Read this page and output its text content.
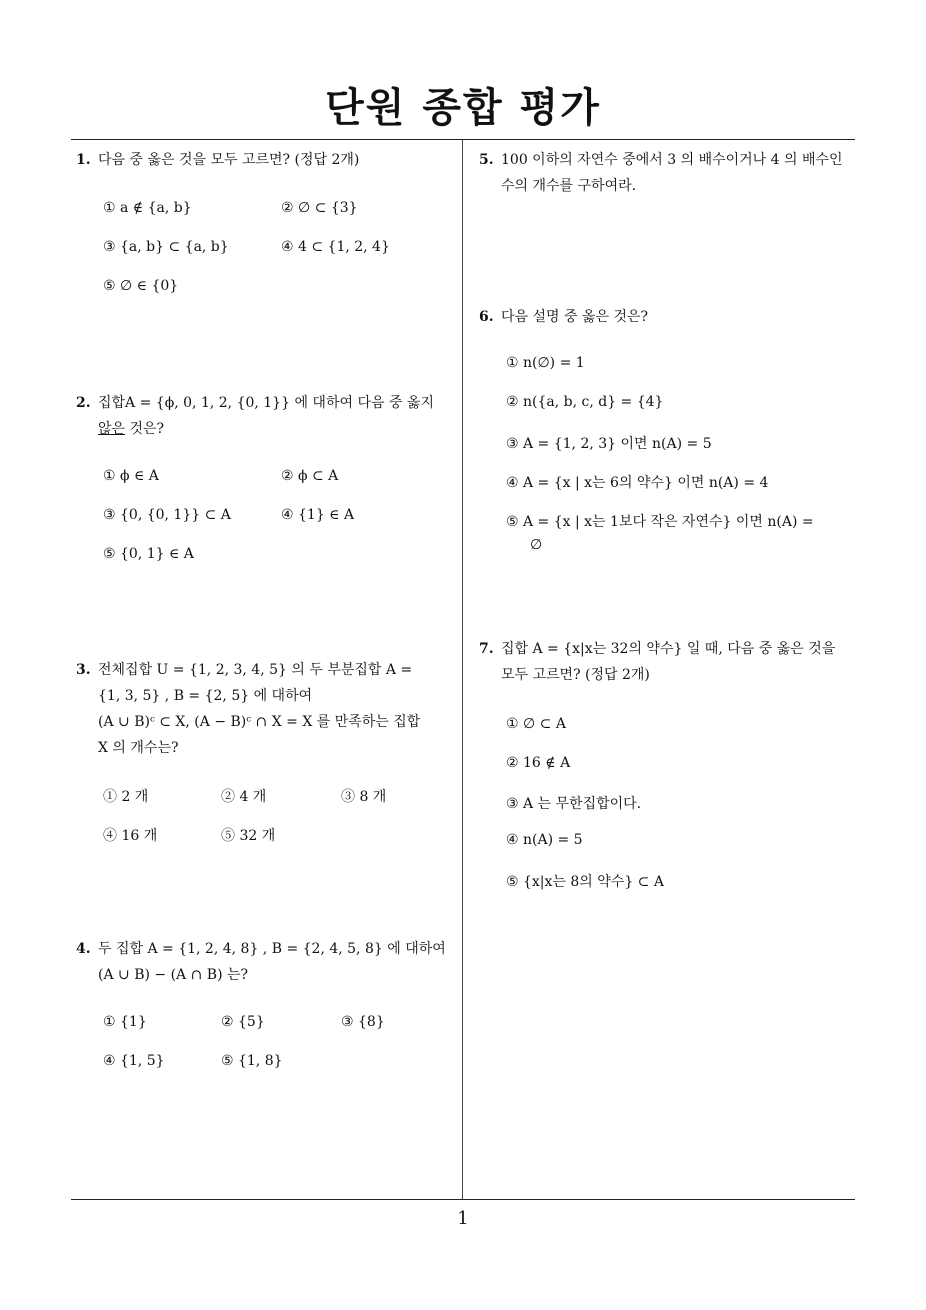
단원 종합 평가

1. 다음 중 옳은 것을 모두 고르면? (정답 2개)

① a ∉ {a, b}	② ∅ ⊂ {3}
③ {a, b} ⊂ {a, b}	④ 4 ⊂ {1, 2, 4}
⑤ ∅ ∈ {0}

2. 집합A = {ϕ, 0, 1, 2, {0, 1}} 에 대하여 다음 중 옳지
않은 것은?

① ϕ ∈ A	② ϕ ⊂ A
③ {0, {0, 1}} ⊂ A	④ {1} ∈ A
⑤ {0, 1} ∈ A
3. 전체집합 U = {1, 2, 3, 4, 5} 의 두 부분집합 A =
{1, 3, 5} , B = {2, 5} 에 대하여
(A ∪ B)ᶜ ⊂ X, (A − B)ᶜ ∩ X = X 를 만족하는 집합
X 의 개수는?
① 2 개	② 4 개	③ 8 개
④ 16 개	⑤ 32 개
4. 두 집합 A = {1, 2, 4, 8} , B = {2, 4, 5, 8} 에 대하여
(A ∪ B) − (A ∩ B) 는?
① {1}	② {5}	③ {8}
④ {1, 5}	⑤ {1, 8}
5. 100 이하의 자연수 중에서 3 의 배수이거나 4 의 배수인
수의 개수를 구하여라.
6. 다음 설명 중 옳은 것은?
① n(∅) = 1
② n({a, b, c, d} = {4}
③ A = {1, 2, 3} 이면 n(A) = 5
④ A = {x | x는 6의 약수} 이면 n(A) = 4
⑤ A = {x | x는 1보다 작은 자연수} 이면 n(A) =
∅
7. 집합 A = {x|x는 32의 약수} 일 때, 다음 중 옳은 것을
모두 고르면? (정답 2개)
① ∅ ⊂ A
② 16 ∉ A
③ A 는 무한집합이다.
④ n(A) = 5
⑤ {x|x는 8의 약수} ⊂ A
1
